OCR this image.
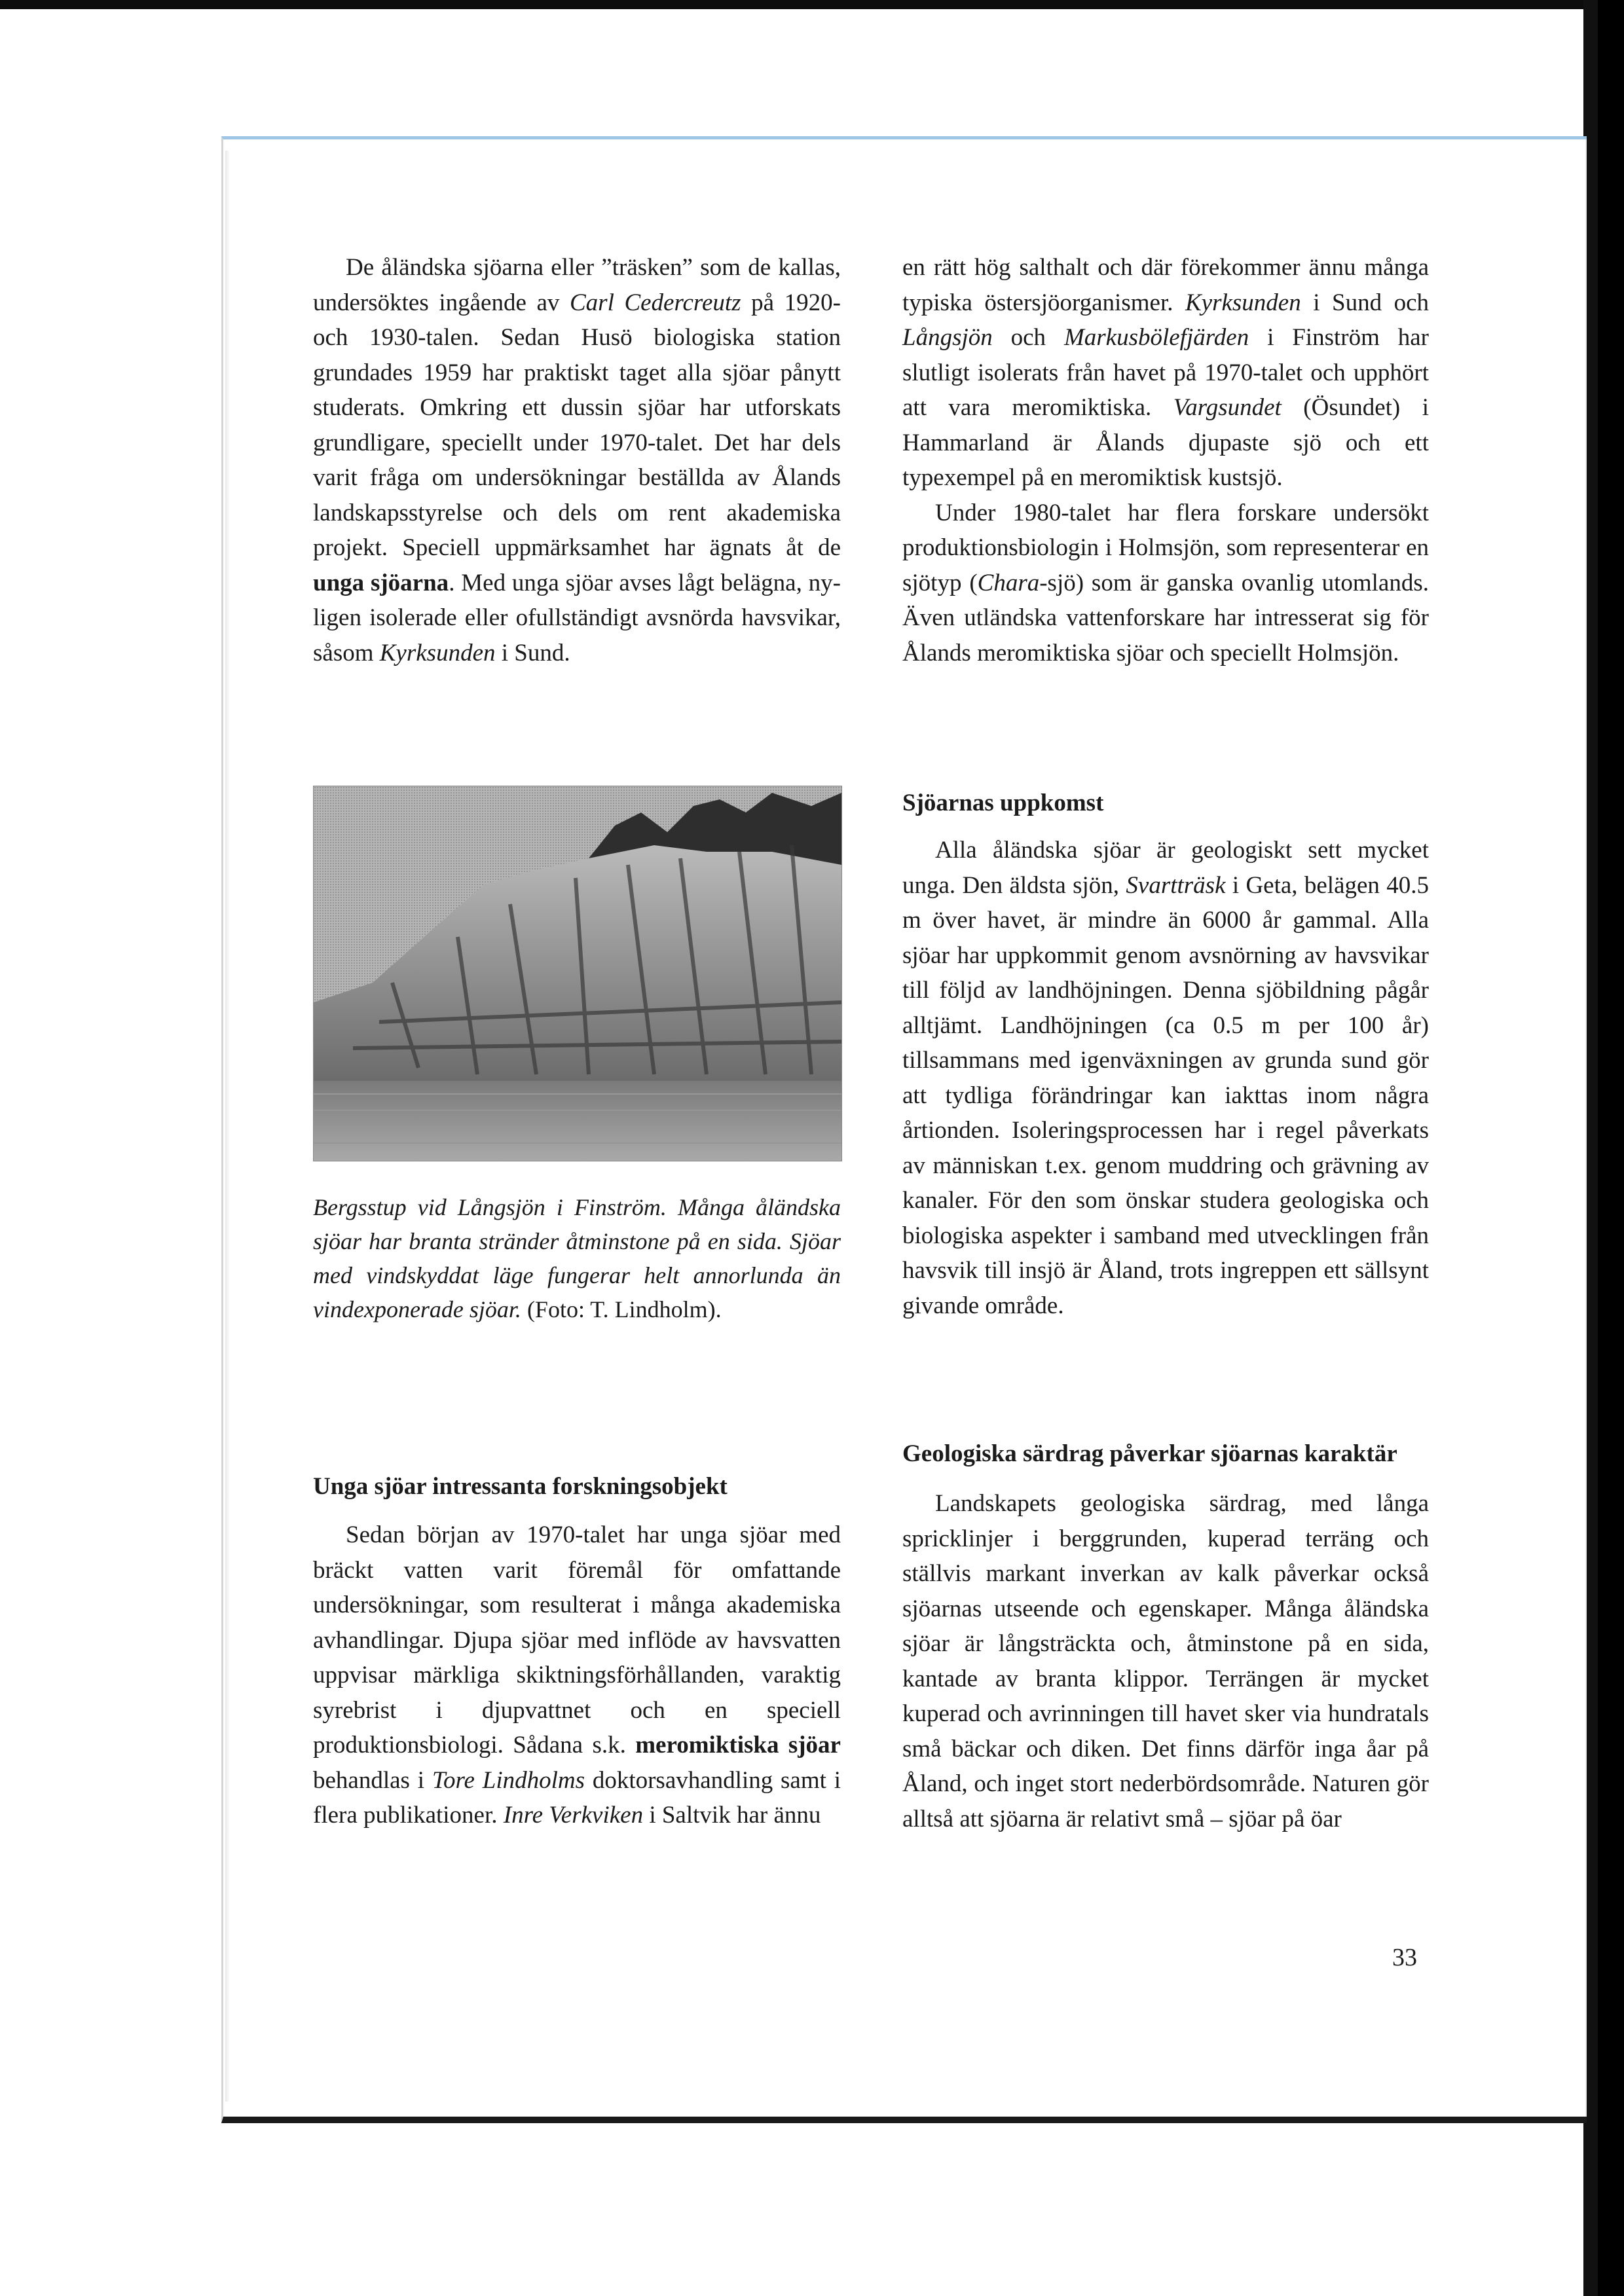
De åländska sjöarna eller ”träsken” som de kallas, undersöktes ingående av Carl Cedercreutz på 1920- och 1930-talen. Sedan Husö biologiska station grundades 1959 har praktiskt taget alla sjöar pånytt studerats. Omkring ett dussin sjöar har utforskats grundligare, speciellt under 1970-talet. Det har dels varit fråga om undersökningar beställda av Ålands landskapsstyrelse och dels om rent akademiska projekt. Speciell uppmärksamhet har ägnats åt de unga sjöarna. Med unga sjöar avses lågt belägna, nyligen isolerade eller ofullständigt avsnörda havsvikar, såsom Kyrksunden i Sund.

Bergsstup vid Långsjön i Finström. Många åländska sjöar har branta stränder åtminstone på en sida. Sjöar med vindskyddat läge fungerar helt annorlunda än vindexponerade sjöar. (Foto: T. Lindholm).
Unga sjöar intressanta forskningsobjekt

Sedan början av 1970-talet har unga sjöar med bräckt vatten varit föremål för omfattande undersökningar, som resulterat i många akademiska avhandlingar. Djupa sjöar med inflöde av havsvatten uppvisar märkliga skiktningsförhållanden, varaktig syrebrist i djupvattnet och en speciell produktionsbiologi. Sådana s.k. meromiktiska sjöar behandlas i Tore Lindholms doktorsavhandling samt i flera publikationer. Inre Verkviken i Saltvik har ännu

en rätt hög salthalt och där förekommer ännu många typiska östersjöorganismer. Kyrksunden i Sund och Långsjön och Markusbölefjärden i Finström har slutligt isolerats från havet på 1970-talet och upphört att vara meromiktiska. Vargsundet (Ösundet) i Hammarland är Ålands djupaste sjö och ett typexempel på en meromiktisk kustsjö.

Under 1980-talet har flera forskare undersökt produktionsbiologin i Holmsjön, som representerar en sjötyp (Chara-sjö) som är ganska ovanlig utomlands. Även utländska vattenforskare har intresserat sig för Ålands meromiktiska sjöar och speciellt Holmsjön.

Sjöarnas uppkomst

Alla åländska sjöar är geologiskt sett mycket unga. Den äldsta sjön, Svartträsk i Geta, belägen 40.5 m över havet, är mindre än 6000 år gammal. Alla sjöar har uppkommit genom avsnörning av havsvikar till följd av landhöjningen. Denna sjöbildning pågår alltjämt. Landhöjningen (ca 0.5 m per 100 år) tillsammans med igenväxningen av grunda sund gör att tydliga förändringar kan iakttas inom några årtionden. Isoleringsprocessen har i regel påverkats av människan t.ex. genom muddring och grävning av kanaler. För den som önskar studera geologiska och biologiska aspekter i samband med utvecklingen från havsvik till insjö är Åland, trots ingreppen ett sällsynt givande område.

Geologiska särdrag påverkar sjöarnas karaktär

Landskapets geologiska särdrag, med långa spricklinjer i berggrunden, kuperad terräng och ställvis markant inverkan av kalk påverkar också sjöarnas utseende och egenskaper. Många åländska sjöar är långsträckta och, åtminstone på en sida, kantade av branta klippor. Terrängen är mycket kuperad och avrinningen till havet sker via hundratals små bäckar och diken. Det finns därför inga åar på Åland, och inget stort nederbördsområde. Naturen gör alltså att sjöarna är relativt små – sjöar på öar

33
